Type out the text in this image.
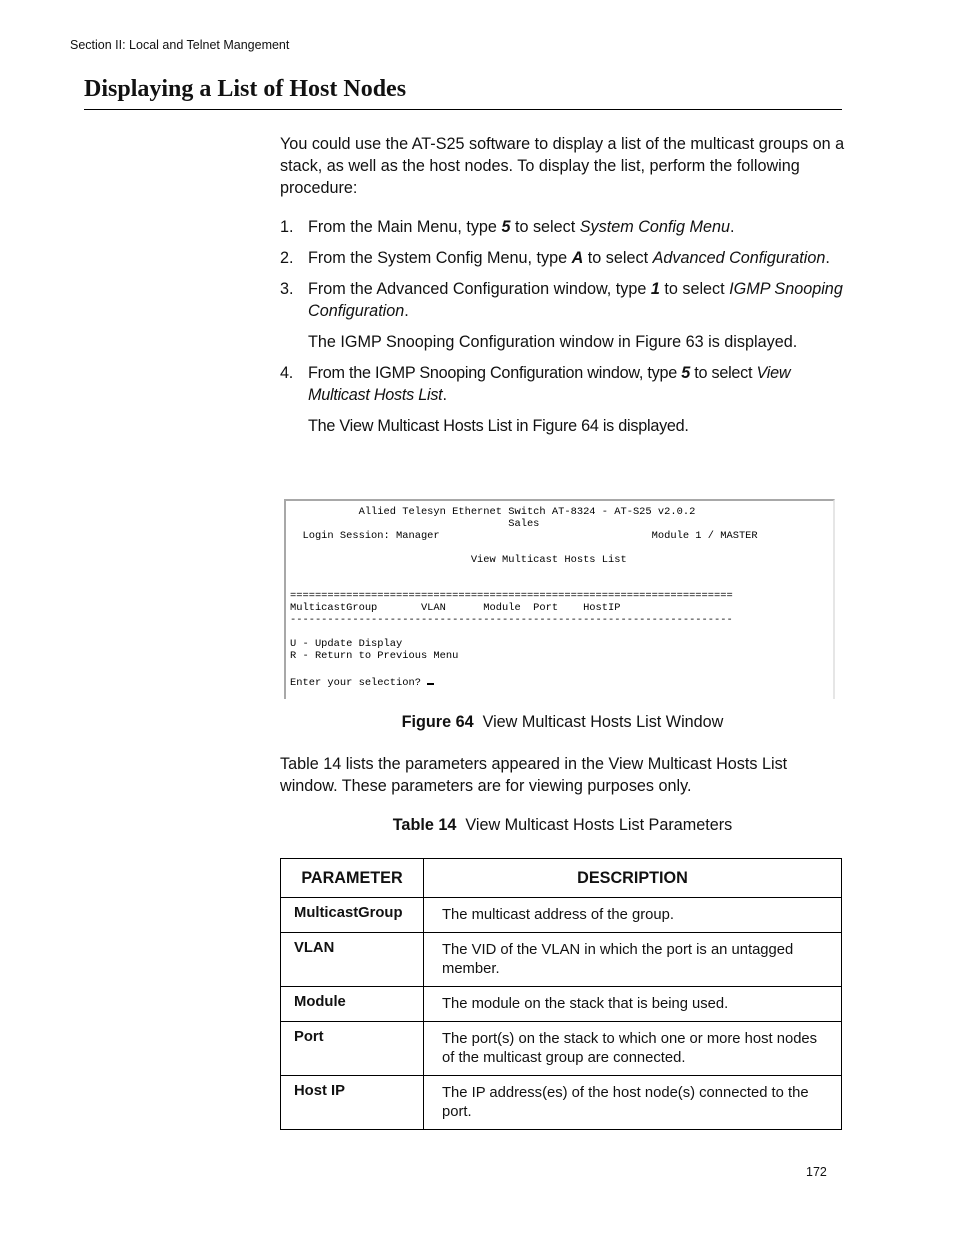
Section II: Local and Telnet Mangement
Displaying a List of Host Nodes
You could use the AT-S25 software to display a list of the multicast groups on a stack, as well as the host nodes. To display the list, perform the following procedure:
1. From the Main Menu, type 5 to select System Config Menu.
2. From the System Config Menu, type A to select Advanced Configuration.
3. From the Advanced Configuration window, type 1 to select IGMP Snooping Configuration.
The IGMP Snooping Configuration window in Figure 63 is displayed.
4. From the IGMP Snooping Configuration window, type 5 to select View Multicast Hosts List.
The View Multicast Hosts List in Figure 64 is displayed.
Allied Telesyn Ethernet Switch AT-8324 - AT-S25 v2.0.2
Sales
Login Session: Manager                                  Module 1 / MASTER

View Multicast Hosts List

=======================================================================
MulticastGroup       VLAN      Module  Port    HostIP
-----------------------------------------------------------------------

U - Update Display
R - Return to Previous Menu

Enter your selection?
Figure 64 View Multicast Hosts List Window
Table 14 lists the parameters appeared in the View Multicast Hosts List window. These parameters are for viewing purposes only.
Table 14 View Multicast Hosts List Parameters
PARAMETER	DESCRIPTION
MulticastGroup	The multicast address of the group.
VLAN	The VID of the VLAN in which the port is an untagged member.
Module	The module on the stack that is being used.
Port	The port(s) on the stack to which one or more host nodes of the multicast group are connected.
Host IP	The IP address(es) of the host node(s) connected to the port.
172
